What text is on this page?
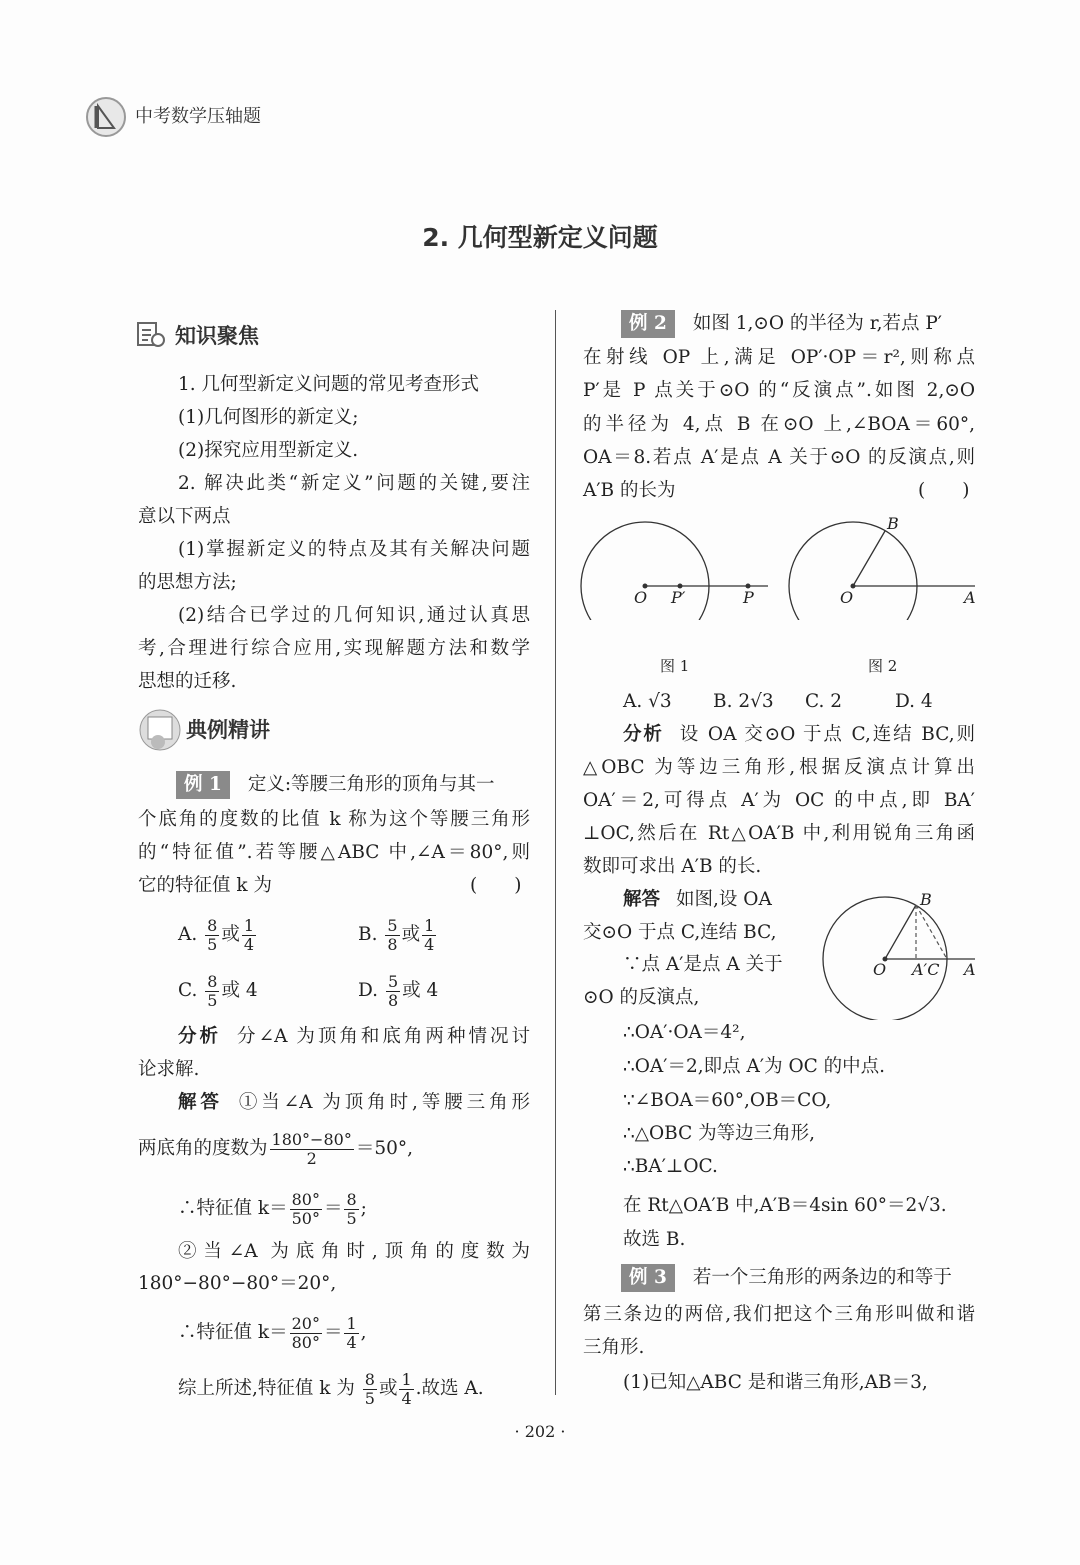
中考数学压轴题
2. 几何型新定义问题
知识聚焦
1. 几何型新定义问题的常见考查形式
(1)几何图形的新定义;
(2)探究应用型新定义.
2. 解决此类“新定义”问题的关键,要注
意以下两点
(1)掌握新定义的特点及其有关解决问题
的思想方法;
(2)结合已学过的几何知识,通过认真思
考,合理进行综合应用,实现解题方法和数学
思想的迁移.
典例精讲
例 1 定义:等腰三角形的顶角与其一
个底角的度数的比值 k 称为这个等腰三角形
的“特征值”.若等腰△ABC 中,∠A＝80°,则
它的特征值 k 为	(　　)
A. $\frac{8}{5}$ 或 $\frac{1}{4}$	B. $\frac{5}{8}$ 或 $\frac{1}{4}$
C. $\frac{8}{5}$ 或 4	D. $\frac{5}{8}$ 或 4
分析 分∠A 为顶角和底角两种情况讨
论求解.
解答 ①当∠A 为顶角时,等腰三角形
两底角的度数为 $\frac{180^\circ-80^\circ}{2} =50^\circ$,
∴特征值 $k= \frac{80^\circ}{50^\circ} = \frac{8}{5}$ ;
②当∠A 为底角时,顶角的度数为
180°−80°−80°＝20°,
∴特征值 $k= \frac{20^\circ}{80^\circ} = \frac{1}{4}$ ,
综上所述,特征值 k 为 $\frac{8}{5}$ 或 $\frac{1}{4}$ .故选 A.
例 2 如图 1,⊙O 的半径为 r,若点 P′
在射线 OP 上,满足 OP′·OP＝r²,则称点
P′是 P 点关于⊙O 的“反演点”.如图 2,⊙O
的半径为 4,点 B 在⊙O 上,∠BOA＝60°,
OA＝8.若点 A′是点 A 关于⊙O 的反演点,则
A′B 的长为	(　　)
O P′	P	O	A
B
图 1	图 2
A. √3 B. 2√3 C. 2	D. 4
分析 设 OA 交⊙O 于点 C,连结 BC,则
△OBC 为等边三角形,根据反演点计算出
OA′＝2,可得点 A′为 OC 的中点,即 BA′
⊥OC,然后在 Rt△OA′B 中,利用锐角三角函
数即可求出 A′B 的长.
解答 如图,设 OA
交⊙O 于点 C,连结 BC,
∵点 A′是点 A 关于
⊙O 的反演点,
∴OA′·OA＝4²,
∴OA′＝2,即点 A′为 OC 的中点.
∵∠BOA＝60°,OB＝CO,
∴△OBC 为等边三角形,
∴BA′⊥OC.
在 Rt△OA′B 中,A′B＝4sin 60°＝2√3.
故选 B.
O A′C A
B
例 3 若一个三角形的两条边的和等于
第三条边的两倍,我们把这个三角形叫做和谐
三角形.
(1)已知△ABC 是和谐三角形,AB＝3,
· 202 ·
